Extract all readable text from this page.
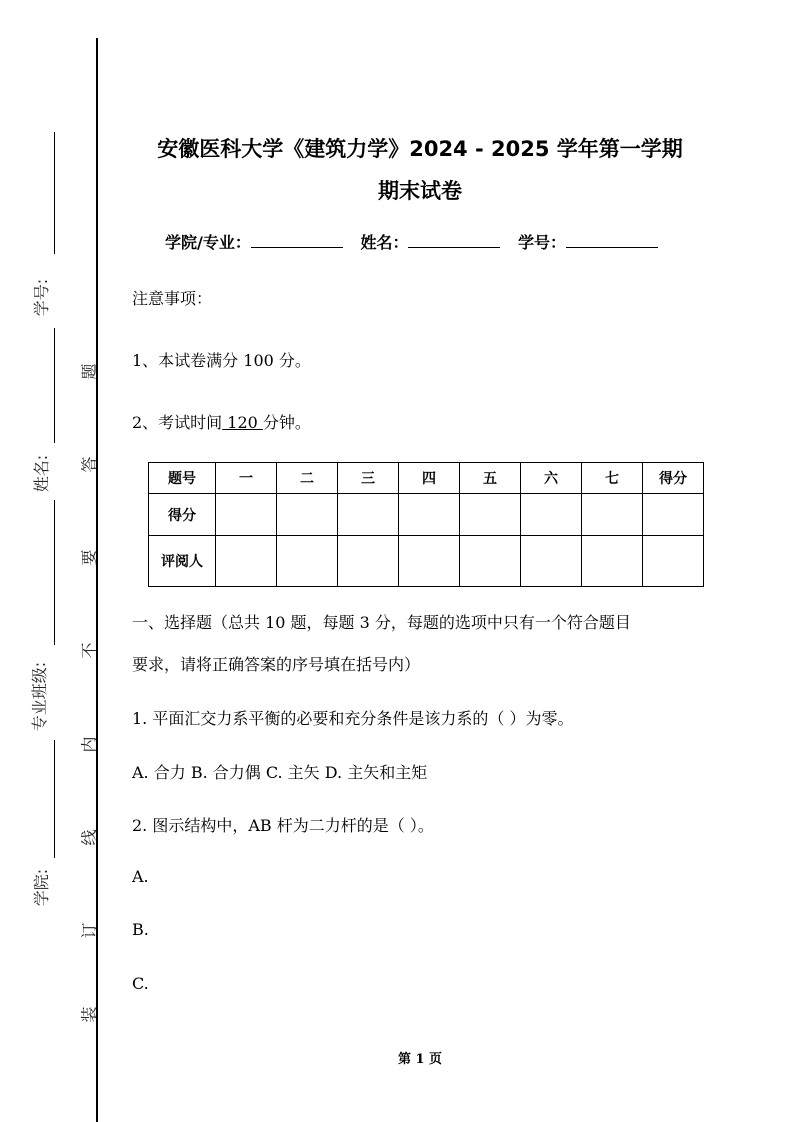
学号:
姓名:
专业班级:
学院:
题
答
要
不
内
线
订
装
安徽医科大学《建筑力学》2024 - 2025 学年第一学期
期末试卷
学院/专业：	姓名：	学号：
注意事项：
1、本试卷满分 100 分。
2、考试时间 120 分钟。
题号	一	二	三	四	五	六	七	得分
得分								
评阅人								
一、选择题（总共 10 题，每题 3 分，每题的选项中只有一个符合题目
要求，请将正确答案的序号填在括号内）
1. 平面汇交力系平衡的必要和充分条件是该力系的（ ）为零。
A. 合力 B. 合力偶 C. 主矢 D. 主矢和主矩
2. 图示结构中，AB 杆为二力杆的是（ ）。
A.
B.
C.
第 1 页
